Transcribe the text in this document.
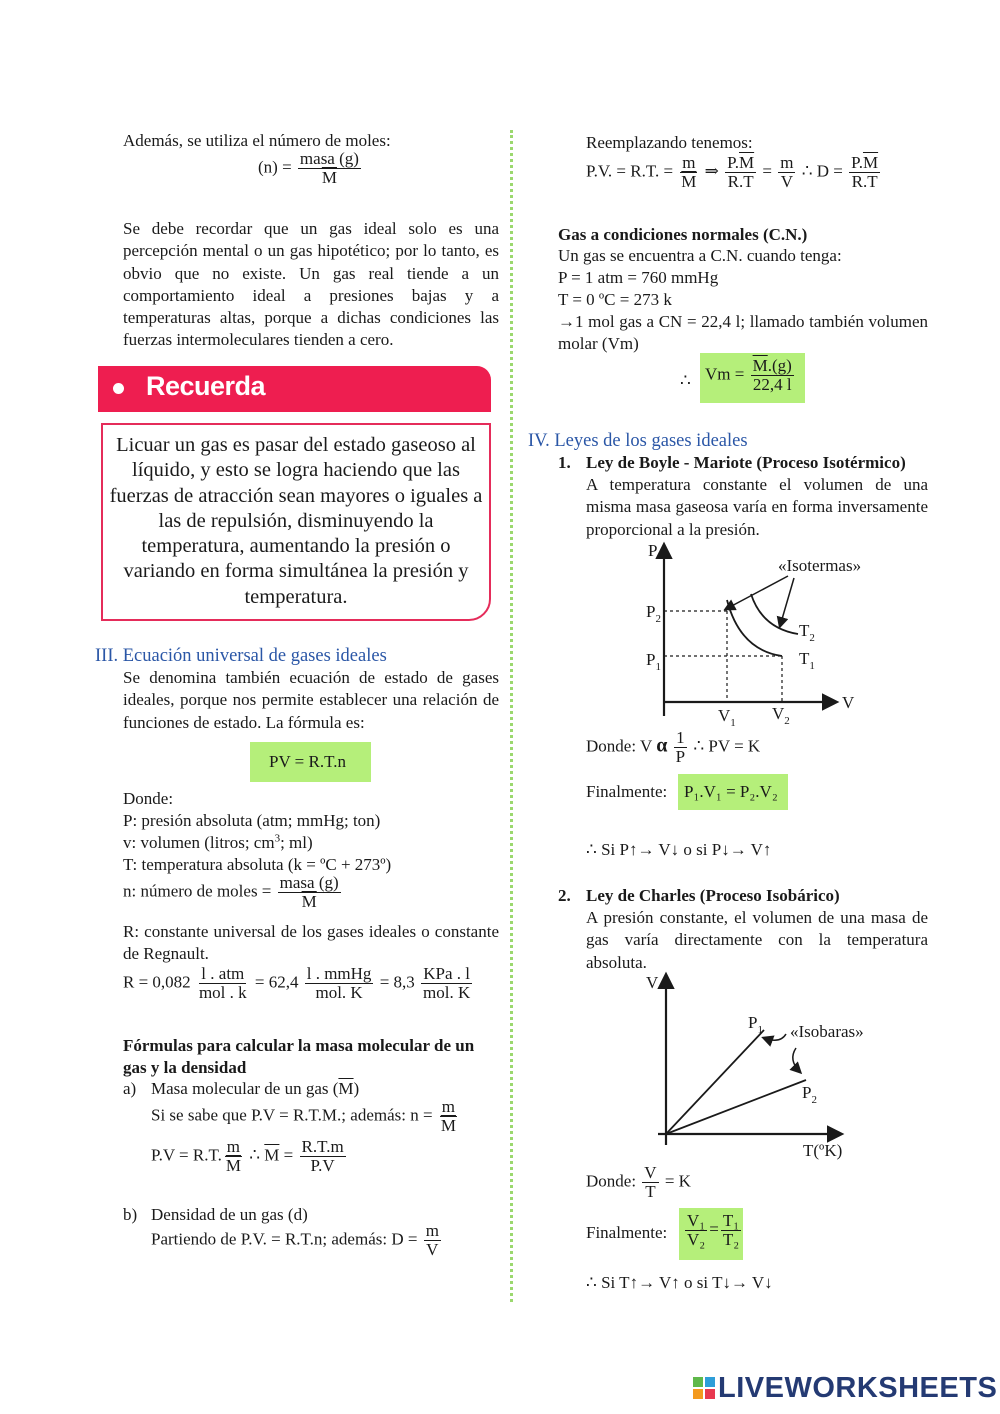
Además, se utiliza el número de moles:
$(n) = \frac{\text{masa (g)}}{M}$
Se debe recordar que un gas ideal solo es una percepción mental o un gas hipotético; por lo tanto, es obvio que no existe. Un gas real tiende a un comportamiento ideal a presiones bajas y a temperaturas altas, porque a dichas condiciones las fuerzas intermoleculares tienden a cero.
Recuerda
Licuar un gas es pasar del estado gaseoso al líquido, y esto se logra haciendo que las fuerzas de atracción sean mayores o iguales a las de repulsión, disminuyendo la temperatura, aumentando la presión o variando en forma simultánea la presión y temperatura.
III. Ecuación universal de gases ideales
Se denomina también ecuación de estado de gases ideales, porque nos permite establecer una relación de funciones de estado. La fórmula es:
PV = R.T.n
Donde:
P: presión absoluta (atm; mmHg; ton)
v: volumen (litros; $cm^3$; ml)
T: temperatura absoluta (k = ºC + 273º)
n: número de moles = $\frac{\text{masa (g)}}{M}$
R: constante universal de los gases ideales o constante de Regnault.
$R = 0,082 \frac{\text{l . atm}}{\text{mol . k}} = 62,4 \frac{\text{l . mmHg}}{\text{mol. K}} = 8,3 \frac{\text{KPa . l}}{\text{mol. K}}$
Fórmulas para calcular la masa molecular de un gas y la densidad
a) Masa molecular de un gas $(\overline{M})$
Si se sabe que P.V = R.T.M.; además: $n = \frac{m}{M}$
P.V = R.T. $\frac{m}{M}$ ∴ $\overline{M} = \frac{R.T.m}{P.V}$
b) Densidad de un gas (d)
Partiendo de P.V. = R.T.n; además: $D = \frac{m}{V}$
Reemplazando tenemos:
P.V. = R.T. = $\frac{m}{M}$ ⇒ $\frac{P.\overline{M}}{R.T} = \frac{m}{V}$ ∴ $D = \frac{P.\overline{M}}{R.T}$
Gas a condiciones normales (C.N.)
Un gas se encuentra a C.N. cuando tenga:
P = 1 atm = 760 mmHg
T = 0 ºC = 273 k
→1 mol gas a CN = 22,4 l; llamado también volumen molar (Vm)
∴ $Vm = \frac{\overline{M}.(g)}{22,4 l}$
IV. Leyes de los gases ideales
1. Ley de Boyle - Mariote (Proceso Isotérmico)
A temperatura constante el volumen de una misma masa gaseosa varía en forma inversamente proporcional a la presión.
P
V
«Isotermas»
$P_2$
$P_1$
$V_1$ $V_2$
$T_2$
$T_1$
Donde: V α $\frac{1}{P}$ ∴ PV = K
Finalmente: P₁.V₁ = P₂.V₂
∴ Si P↑→ V↓ o si P↓→ V↑
2. Ley de Charles (Proceso Isobárico)
A presión constante, el volumen de una masa de gas varía directamente con la temperatura absoluta.
V
T(ºK)
$P_1$
$P_2$
«Isobaras»
Donde: $\frac{V}{T} = K$
Finalmente: $\frac{\text{V₁}}{\text{V₂}} = \frac{\text{T₁}}{\text{T₂}}$
∴ Si T↑→ V↑ o si T↓→ V↓
LIVEWORKSHEETS
